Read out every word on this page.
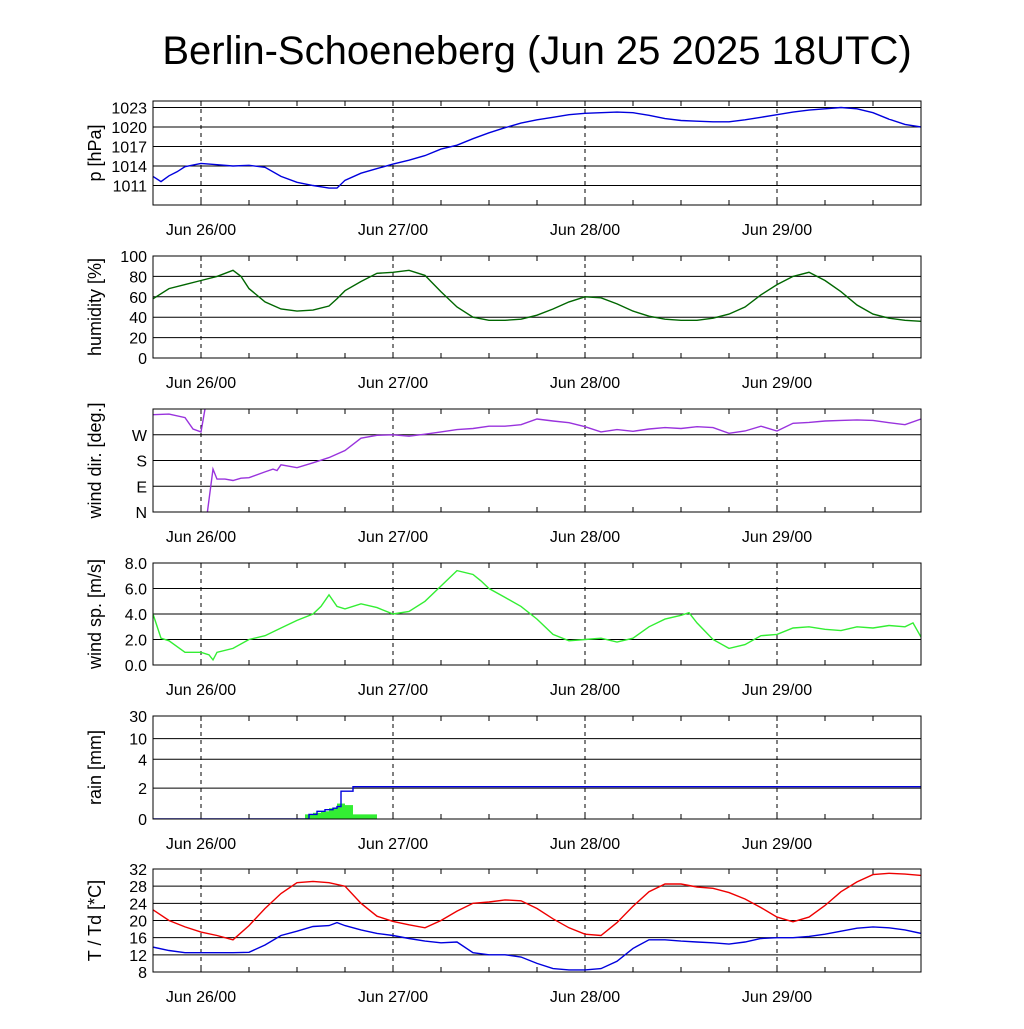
Berlin-Schoeneberg (Jun 25 2025 18UTC)
1011
1014
1017
1020
1023
Jun 26/00	Jun 27/00	Jun 28/00	Jun 29/00
p [hPa]
0
20
40
60
80
100
Jun 26/00	Jun 27/00	Jun 28/00	Jun 29/00
humidity [%]
N
E
S
W
Jun 26/00	Jun 27/00	Jun 28/00	Jun 29/00
wind dir. [deg.]
0.0
2.0
4.0
6.0
8.0
Jun 26/00	Jun 27/00	Jun 28/00	Jun 29/00
wind sp. [m/s]
0
2
4
10
30
Jun 26/00	Jun 27/00	Jun 28/00	Jun 29/00
rain [mm]
8
12
16
20
24
28
32
Jun 26/00	Jun 27/00	Jun 28/00	Jun 29/00
T / Td [*C]
